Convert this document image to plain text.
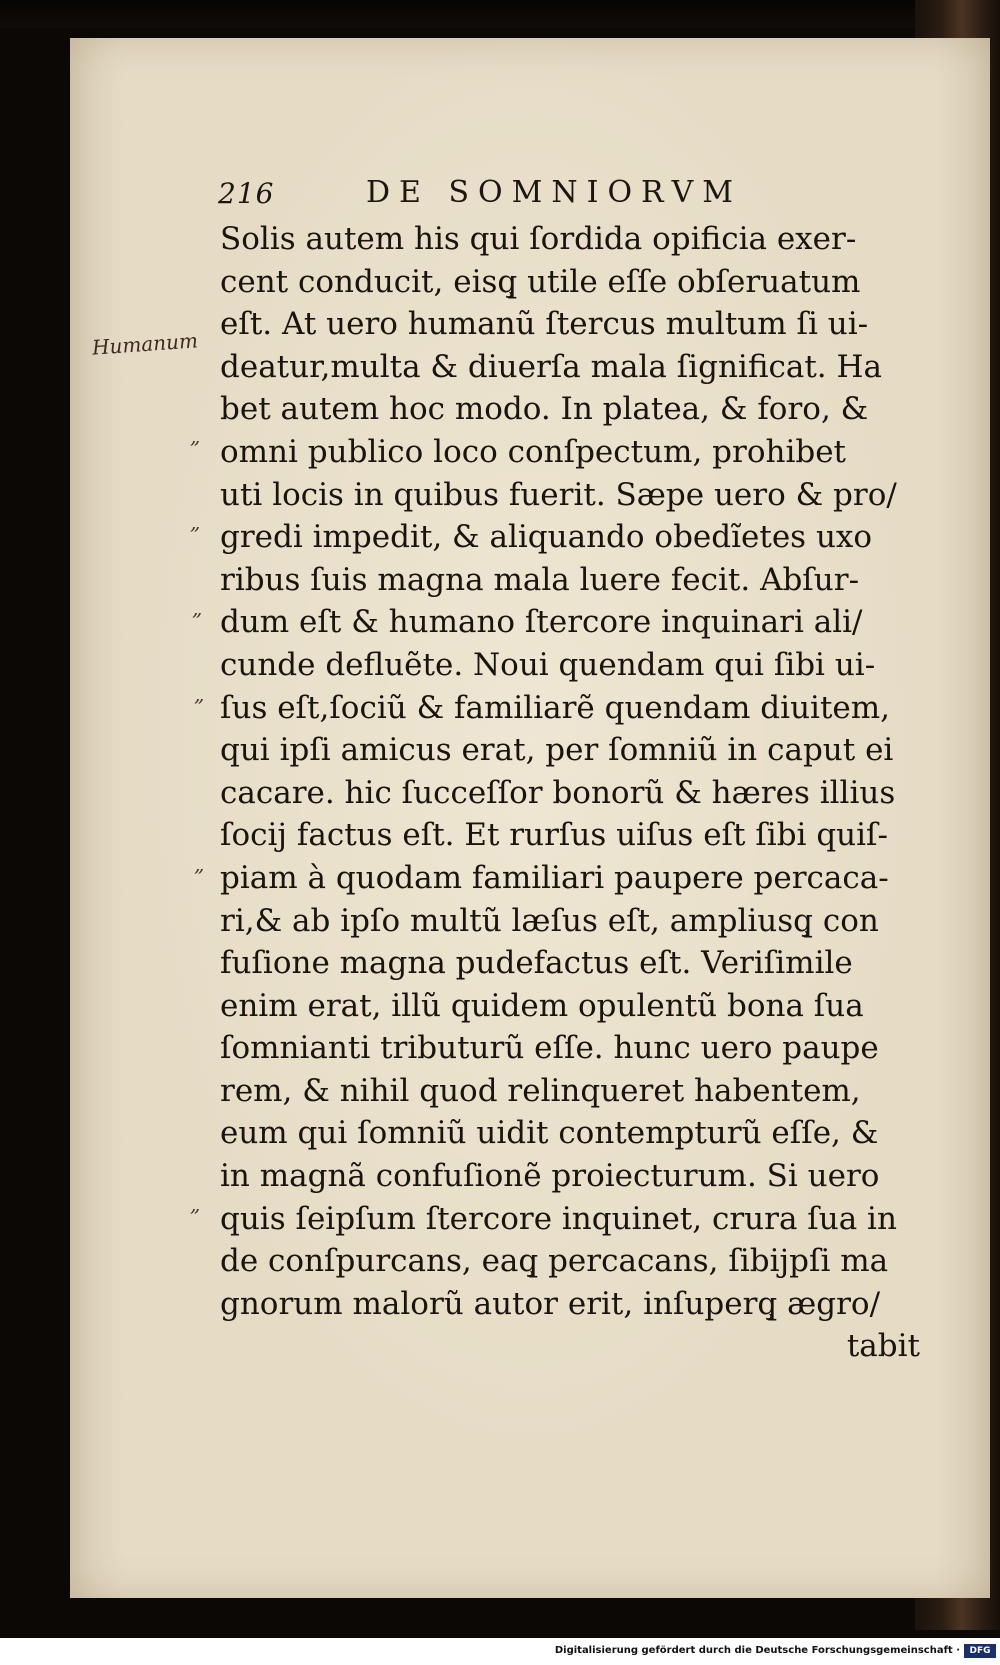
216	DE SOMNIORVM
Humanum
„
„
„
„
„
„
Solis autem his qui ſordida opificia exer-
cent conducit, eisq̧ utile eſſe obſeruatum
eſt. At uero humanũ ſtercus multum ſi ui-
deatur,multa & diuerſa mala ſignificat. Ha
bet autem hoc modo. In platea, & foro, &
omni publico loco conſpectum, prohibet
uti locis in quibus fuerit. Sæpe uero & pro/
gredi impedit, & aliquando obedĩetes uxo
ribus ſuis magna mala luere fecit. Abſur-
dum eſt & humano ſtercore inquinari ali/
cunde defluẽte. Noui quendam qui ſibi ui-
ſus eſt,ſociũ & familiarẽ quendam diuitem,
qui ipſi amicus erat, per ſomniũ in caput ei
cacare. hic ſucceſſor bonorũ & hæres illius
ſocij factus eſt. Et rurſus uiſus eſt ſibi quiſ-
piam à quodam familiari paupere percaca-
ri,& ab ipſo multũ læſus eſt, ampliusq̧ con
fuſione magna pudefactus eſt. Veriſimile
enim erat, illũ quidem opulentũ bona ſua
ſomnianti tributurũ eſſe. hunc uero paupe
rem, & nihil quod relinqueret habentem,
eum qui ſomniũ uidit contempturũ eſſe, &
in magnã confuſionẽ proiecturum. Si uero
quis ſeipſum ſtercore inquinet, crura ſua in
de conſpurcans, eaq̧ percacans, ſibijpſi ma
gnorum malorũ autor erit, inſuperq̧ ægro/
tabit
Digitalisierung gefördert durch die Deutsche Forschungsgemeinschaft ·	DFG
